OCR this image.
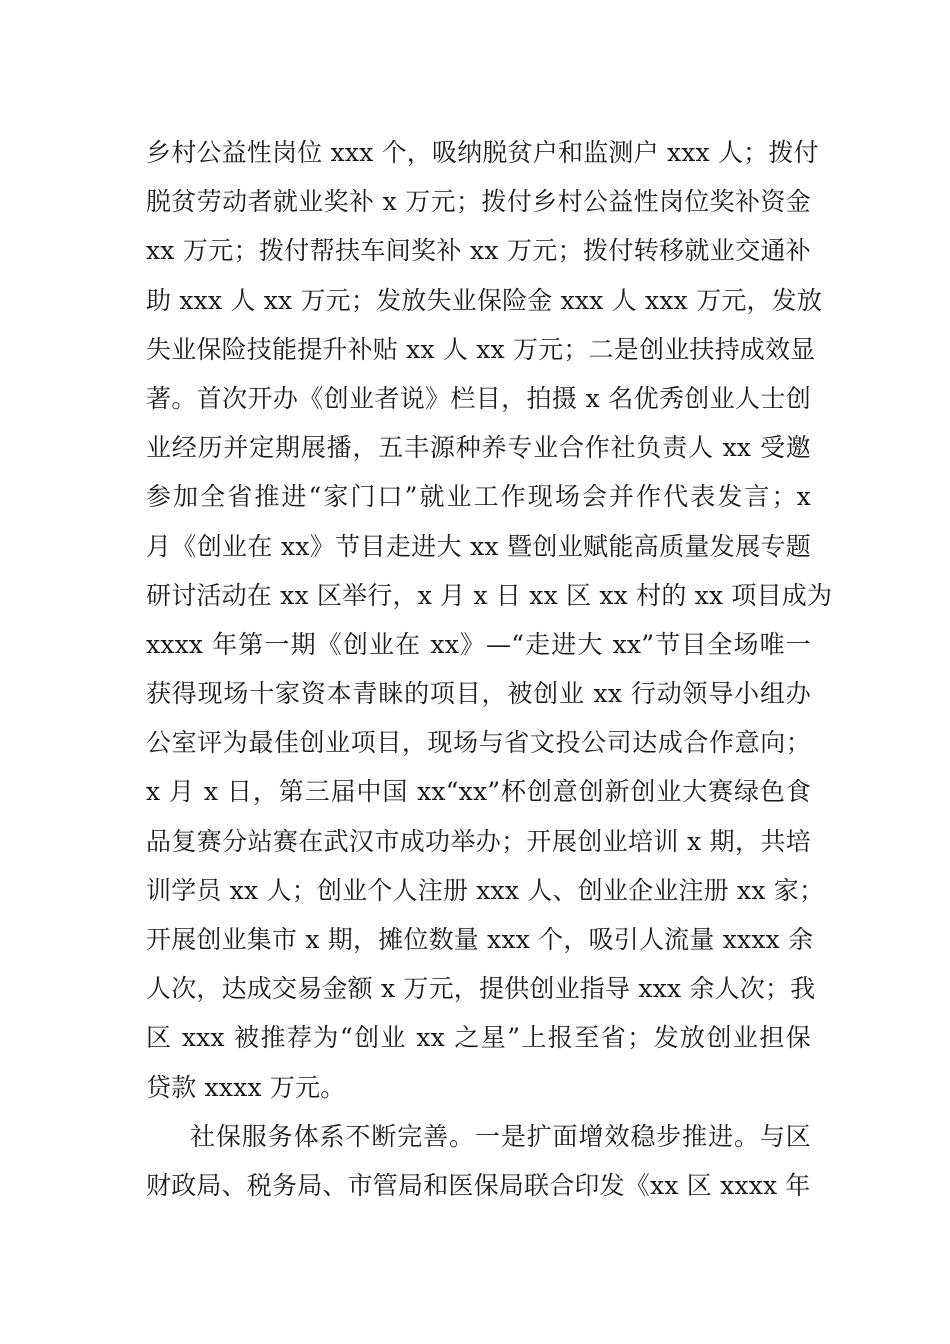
乡村公益性岗位 xxx 个，吸纳脱贫户和监测户 xxx 人；拨付
脱贫劳动者就业奖补 x 万元；拨付乡村公益性岗位奖补资金
xx 万元；拨付帮扶车间奖补 xx 万元；拨付转移就业交通补
助 xxx 人 xx 万元；发放失业保险金 xxx 人 xxx 万元，发放
失业保险技能提升补贴 xx 人 xx 万元；二是创业扶持成效显
著。首次开办《创业者说》栏目，拍摄 x 名优秀创业人士创
业经历并定期展播，五丰源种养专业合作社负责人 xx 受邀
参加全省推进“家门口”就业工作现场会并作代表发言；x
月《创业在 xx》节目走进大 xx 暨创业赋能高质量发展专题
研讨活动在 xx 区举行，x 月 x 日 xx 区 xx 村的 xx 项目成为
xxxx 年第一期《创业在 xx》—“走进大 xx”节目全场唯一
获得现场十家资本青睐的项目，被创业 xx 行动领导小组办
公室评为最佳创业项目，现场与省文投公司达成合作意向；
x 月 x 日，第三届中国 xx“xx”杯创意创新创业大赛绿色食
品复赛分站赛在武汉市成功举办；开展创业培训 x 期，共培
训学员 xx 人；创业个人注册 xxx 人、创业企业注册 xx 家；
开展创业集市 x 期，摊位数量 xxx 个，吸引人流量 xxxx 余
人次，达成交易金额 x 万元，提供创业指导 xxx 余人次；我
区 xxx 被推荐为“创业 xx 之星”上报至省；发放创业担保
贷款 xxxx 万元。
社保服务体系不断完善。一是扩面增效稳步推进。与区
财政局、税务局、市管局和医保局联合印发《xx 区 xxxx 年
